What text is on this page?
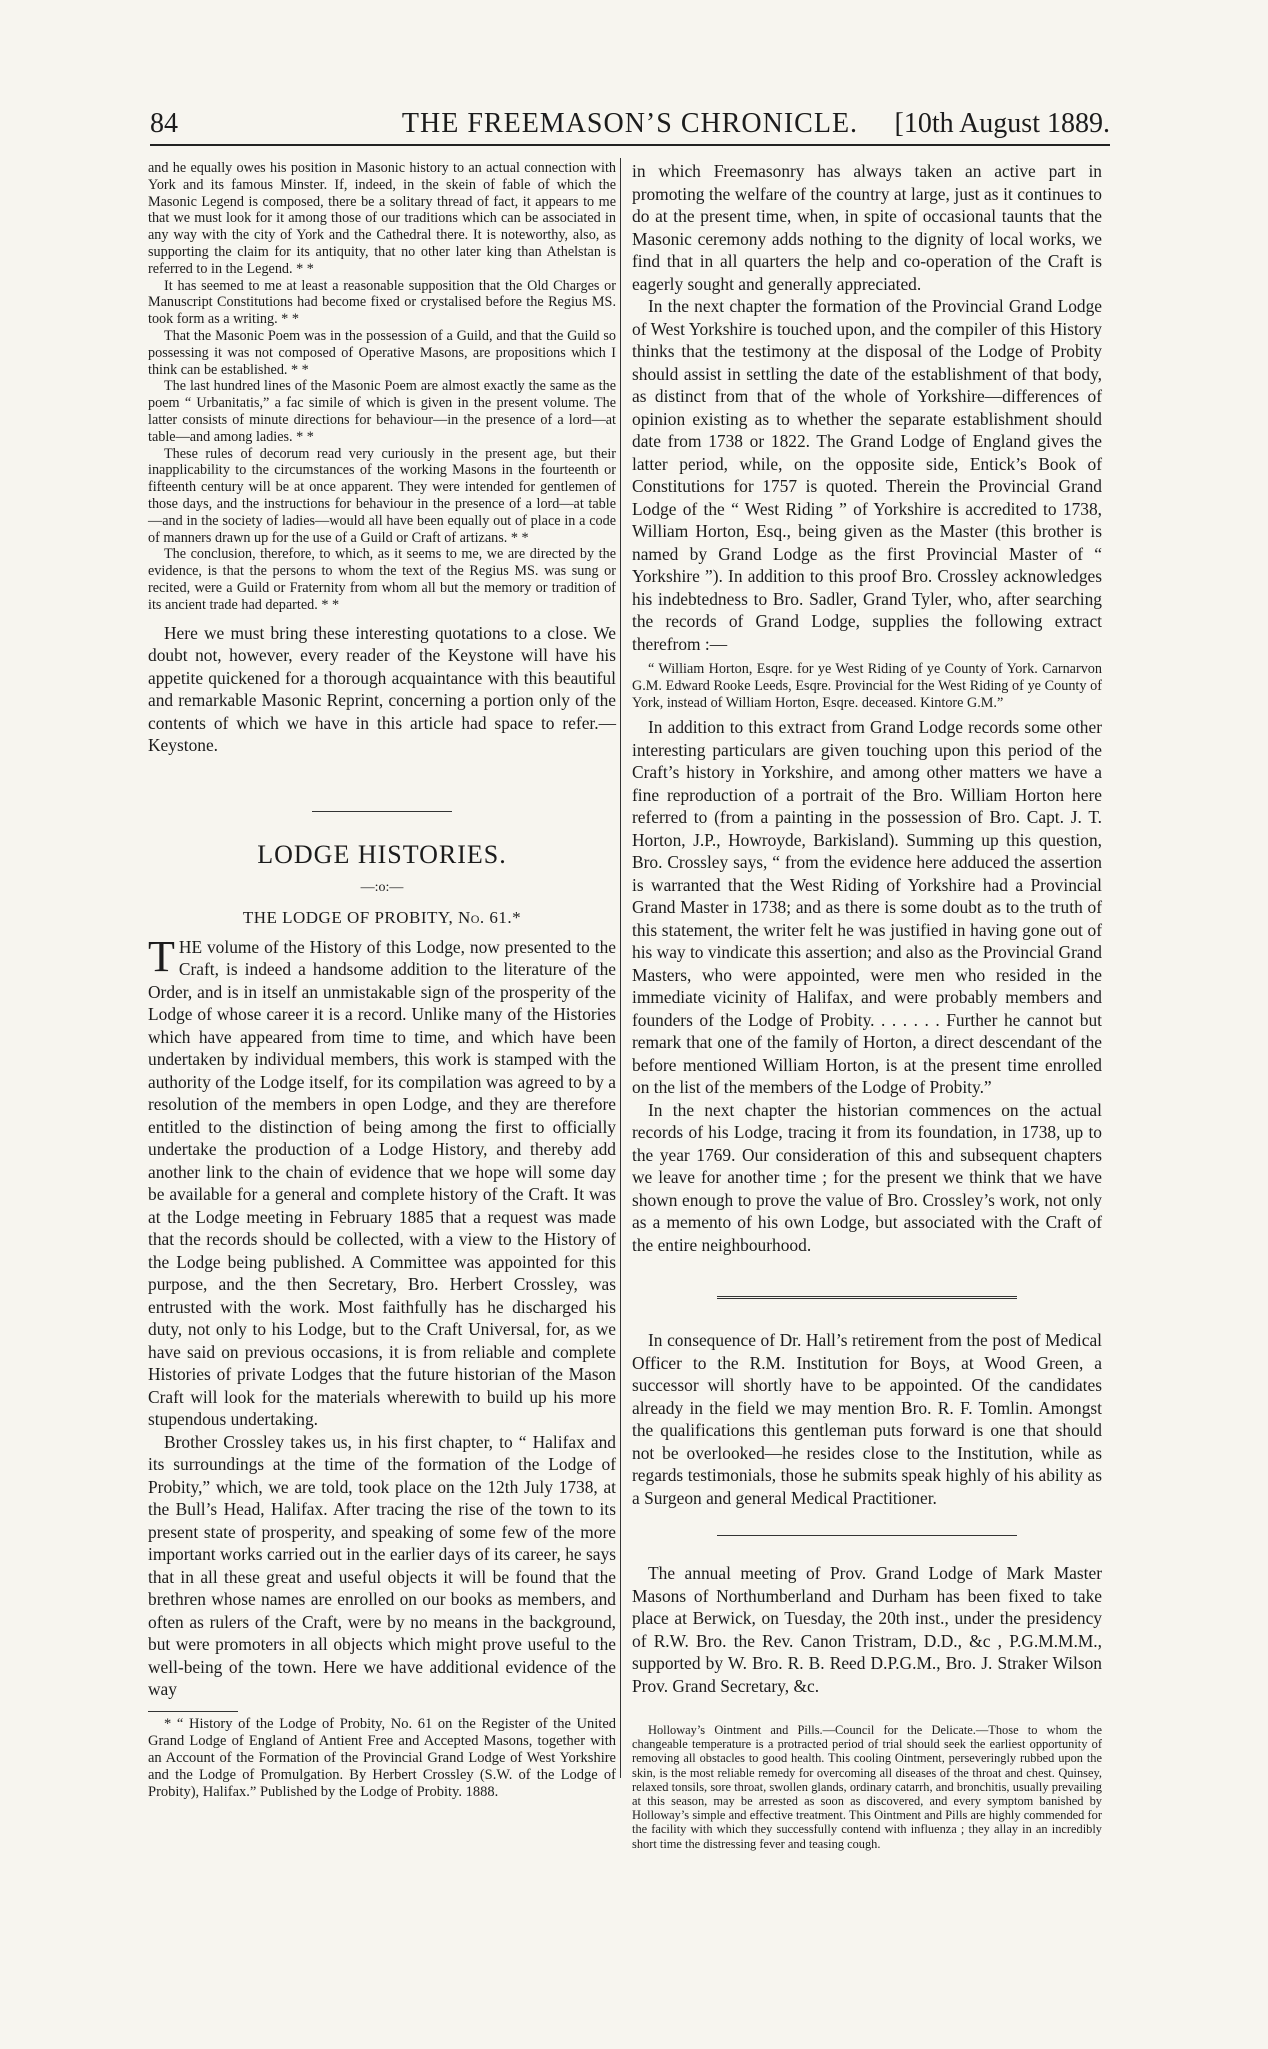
84	THE FREEMASON’S CHRONICLE.	[10th August 1889.

and he equally owes his position in Masonic history to an actual connection with York and its famous Minster. If, indeed, in the skein of fable of which the Masonic Legend is composed, there be a solitary thread of fact, it appears to me that we must look for it among those of our traditions which can be associated in any way with the city of York and the Cathedral there. It is noteworthy, also, as supporting the claim for its antiquity, that no other later king than Athelstan is referred to in the Legend. * *

It has seemed to me at least a reasonable supposition that the Old Charges or Manuscript Constitutions had become fixed or crystalised before the Regius MS. took form as a writing. * *

That the Masonic Poem was in the possession of a Guild, and that the Guild so possessing it was not composed of Operative Masons, are propositions which I think can be established. * *

The last hundred lines of the Masonic Poem are almost exactly the same as the poem “ Urbanitatis,” a fac simile of which is given in the present volume. The latter consists of minute directions for behaviour—in the presence of a lord—at table—and among ladies. * *

These rules of decorum read very curiously in the present age, but their inapplicability to the circumstances of the working Masons in the fourteenth or fifteenth century will be at once apparent. They were intended for gentlemen of those days, and the instructions for behaviour in the presence of a lord—at table—and in the society of ladies—would all have been equally out of place in a code of manners drawn up for the use of a Guild or Craft of artizans. * *

The conclusion, therefore, to which, as it seems to me, we are directed by the evidence, is that the persons to whom the text of the Regius MS. was sung or recited, were a Guild or Fraternity from whom all but the memory or tradition of its ancient trade had departed. * *

Here we must bring these interesting quotations to a close. We doubt not, however, every reader of the Keystone will have his appetite quickened for a thorough acquaintance with this beautiful and remarkable Masonic Reprint, concerning a portion only of the contents of which we have in this article had space to refer.—Keystone.

LODGE HISTORIES.

—:o:—

THE LODGE OF PROBITY, No. 61.*

THE volume of the History of this Lodge, now presented to the Craft, is indeed a handsome addition to the literature of the Order, and is in itself an unmistakable sign of the prosperity of the Lodge of whose career it is a record. Unlike many of the Histories which have appeared from time to time, and which have been undertaken by individual members, this work is stamped with the authority of the Lodge itself, for its compilation was agreed to by a resolution of the members in open Lodge, and they are therefore entitled to the distinction of being among the first to officially undertake the production of a Lodge History, and thereby add another link to the chain of evidence that we hope will some day be available for a general and complete history of the Craft. It was at the Lodge meeting in February 1885 that a request was made that the records should be collected, with a view to the History of the Lodge being published. A Committee was appointed for this purpose, and the then Secretary, Bro. Herbert Crossley, was entrusted with the work. Most faithfully has he discharged his duty, not only to his Lodge, but to the Craft Universal, for, as we have said on previous occasions, it is from reliable and complete Histories of private Lodges that the future historian of the Mason Craft will look for the materials wherewith to build up his more stupendous undertaking.

Brother Crossley takes us, in his first chapter, to “ Halifax and its surroundings at the time of the formation of the Lodge of Probity,” which, we are told, took place on the 12th July 1738, at the Bull’s Head, Halifax. After tracing the rise of the town to its present state of prosperity, and speaking of some few of the more important works carried out in the earlier days of its career, he says that in all these great and useful objects it will be found that the brethren whose names are enrolled on our books as members, and often as rulers of the Craft, were by no means in the background, but were promoters in all objects which might prove useful to the well-being of the town. Here we have additional evidence of the way

* “ History of the Lodge of Probity, No. 61 on the Register of the United Grand Lodge of England of Antient Free and Accepted Masons, together with an Account of the Formation of the Provincial Grand Lodge of West Yorkshire and the Lodge of Promulgation. By Herbert Crossley (S.W. of the Lodge of Probity), Halifax.” Published by the Lodge of Probity. 1888.

in which Freemasonry has always taken an active part in promoting the welfare of the country at large, just as it continues to do at the present time, when, in spite of occasional taunts that the Masonic ceremony adds nothing to the dignity of local works, we find that in all quarters the help and co-operation of the Craft is eagerly sought and generally appreciated.

In the next chapter the formation of the Provincial Grand Lodge of West Yorkshire is touched upon, and the compiler of this History thinks that the testimony at the disposal of the Lodge of Probity should assist in settling the date of the establishment of that body, as distinct from that of the whole of Yorkshire—differences of opinion existing as to whether the separate establishment should date from 1738 or 1822. The Grand Lodge of England gives the latter period, while, on the opposite side, Entick’s Book of Constitutions for 1757 is quoted. Therein the Provincial Grand Lodge of the “ West Riding ” of Yorkshire is accredited to 1738, William Horton, Esq., being given as the Master (this brother is named by Grand Lodge as the first Provincial Master of “ Yorkshire ”). In addition to this proof Bro. Crossley acknowledges his indebtedness to Bro. Sadler, Grand Tyler, who, after searching the records of Grand Lodge, supplies the following extract therefrom :—

“ William Horton, Esqre. for ye West Riding of ye County of York. Carnarvon G.M. Edward Rooke Leeds, Esqre. Provincial for the West Riding of ye County of York, instead of William Horton, Esqre. deceased. Kintore G.M.”

In addition to this extract from Grand Lodge records some other interesting particulars are given touching upon this period of the Craft’s history in Yorkshire, and among other matters we have a fine reproduction of a portrait of the Bro. William Horton here referred to (from a painting in the possession of Bro. Capt. J. T. Horton, J.P., Howroyde, Barkisland). Summing up this question, Bro. Crossley says, “ from the evidence here adduced the assertion is warranted that the West Riding of Yorkshire had a Provincial Grand Master in 1738; and as there is some doubt as to the truth of this statement, the writer felt he was justified in having gone out of his way to vindicate this assertion; and also as the Provincial Grand Masters, who were appointed, were men who resided in the immediate vicinity of Halifax, and were probably members and founders of the Lodge of Probity. . . . . . . Further he cannot but remark that one of the family of Horton, a direct descendant of the before mentioned William Horton, is at the present time enrolled on the list of the members of the Lodge of Probity.”

In the next chapter the historian commences on the actual records of his Lodge, tracing it from its foundation, in 1738, up to the year 1769. Our consideration of this and subsequent chapters we leave for another time ; for the present we think that we have shown enough to prove the value of Bro. Crossley’s work, not only as a memento of his own Lodge, but associated with the Craft of the entire neighbourhood.

In consequence of Dr. Hall’s retirement from the post of Medical Officer to the R.M. Institution for Boys, at Wood Green, a successor will shortly have to be appointed. Of the candidates already in the field we may mention Bro. R. F. Tomlin. Amongst the qualifications this gentleman puts forward is one that should not be overlooked—he resides close to the Institution, while as regards testimonials, those he submits speak highly of his ability as a Surgeon and general Medical Practitioner.

The annual meeting of Prov. Grand Lodge of Mark Master Masons of Northumberland and Durham has been fixed to take place at Berwick, on Tuesday, the 20th inst., under the presidency of R.W. Bro. the Rev. Canon Tristram, D.D., &c , P.G.M.M.M., supported by W. Bro. R. B. Reed D.P.G.M., Bro. J. Straker Wilson Prov. Grand Secretary, &c.

Holloway’s Ointment and Pills.—Council for the Delicate.—Those to whom the changeable temperature is a protracted period of trial should seek the earliest opportunity of removing all obstacles to good health. This cooling Ointment, perseveringly rubbed upon the skin, is the most reliable remedy for overcoming all diseases of the throat and chest. Quinsey, relaxed tonsils, sore throat, swollen glands, ordinary catarrh, and bronchitis, usually prevailing at this season, may be arrested as soon as discovered, and every symptom banished by Holloway’s simple and effective treatment. This Ointment and Pills are highly commended for the facility with which they successfully contend with influenza ; they allay in an incredibly short time the distressing fever and teasing cough.
